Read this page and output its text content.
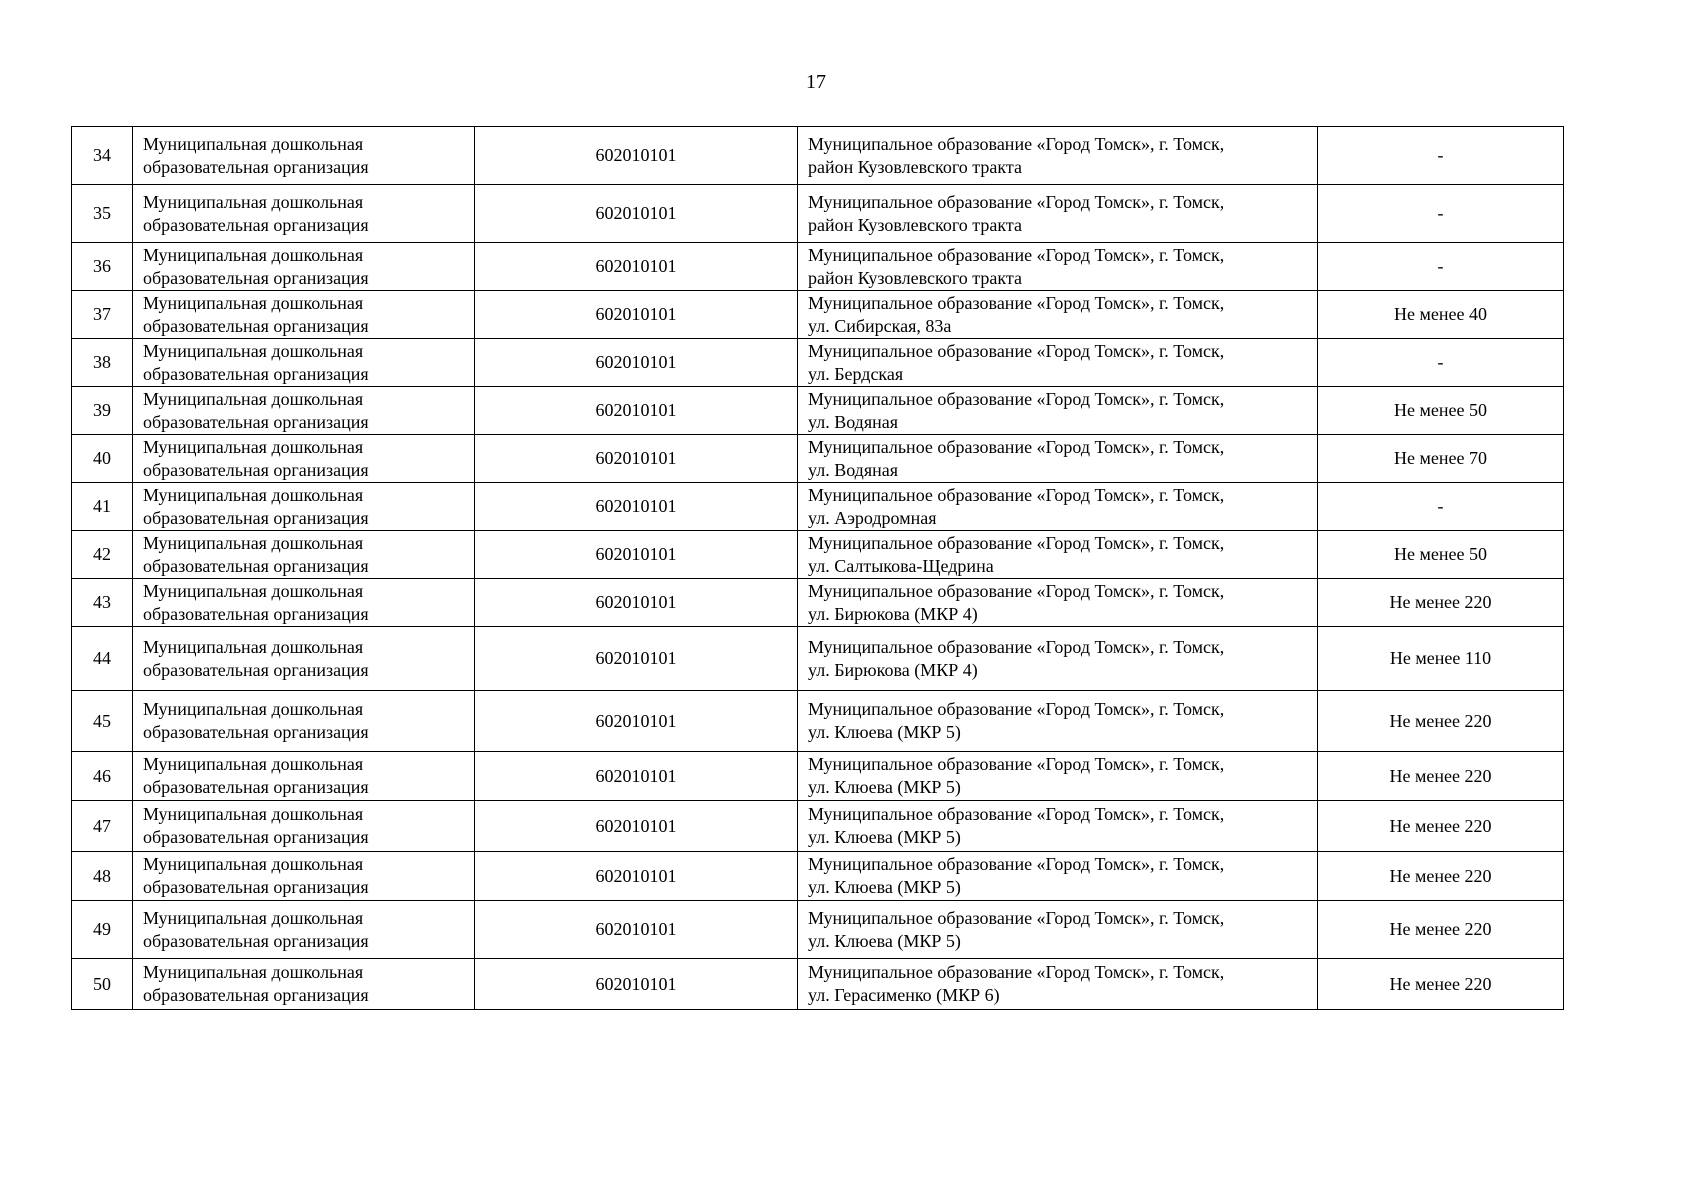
17
34	Муниципальная дошкольная
образовательная организация	602010101	Муниципальное образование «Город Томск», г. Томск,
район Кузовлевского тракта	-
35	Муниципальная дошкольная
образовательная организация	602010101	Муниципальное образование «Город Томск», г. Томск,
район Кузовлевского тракта	-
36	Муниципальная дошкольная
образовательная организация	602010101	Муниципальное образование «Город Томск», г. Томск,
район Кузовлевского тракта	-
37	Муниципальная дошкольная
образовательная организация	602010101	Муниципальное образование «Город Томск», г. Томск,
ул. Сибирская, 83а	Не менее 40
38	Муниципальная дошкольная
образовательная организация	602010101	Муниципальное образование «Город Томск», г. Томск,
ул. Бердская	-
39	Муниципальная дошкольная
образовательная организация	602010101	Муниципальное образование «Город Томск», г. Томск,
ул. Водяная	Не менее 50
40	Муниципальная дошкольная
образовательная организация	602010101	Муниципальное образование «Город Томск», г. Томск,
ул. Водяная	Не менее 70
41	Муниципальная дошкольная
образовательная организация	602010101	Муниципальное образование «Город Томск», г. Томск,
ул. Аэродромная	-
42	Муниципальная дошкольная
образовательная организация	602010101	Муниципальное образование «Город Томск», г. Томск,
ул. Салтыкова-Щедрина	Не менее 50
43	Муниципальная дошкольная
образовательная организация	602010101	Муниципальное образование «Город Томск», г. Томск,
ул. Бирюкова (МКР 4)	Не менее 220
44	Муниципальная дошкольная
образовательная организация	602010101	Муниципальное образование «Город Томск», г. Томск,
ул. Бирюкова (МКР 4)	Не менее 110
45	Муниципальная дошкольная
образовательная организация	602010101	Муниципальное образование «Город Томск», г. Томск,
ул. Клюева (МКР 5)	Не менее 220
46	Муниципальная дошкольная
образовательная организация	602010101	Муниципальное образование «Город Томск», г. Томск,
ул. Клюева (МКР 5)	Не менее 220
47	Муниципальная дошкольная
образовательная организация	602010101	Муниципальное образование «Город Томск», г. Томск,
ул. Клюева (МКР 5)	Не менее 220
48	Муниципальная дошкольная
образовательная организация	602010101	Муниципальное образование «Город Томск», г. Томск,
ул. Клюева (МКР 5)	Не менее 220
49	Муниципальная дошкольная
образовательная организация	602010101	Муниципальное образование «Город Томск», г. Томск,
ул. Клюева (МКР 5)	Не менее 220
50	Муниципальная дошкольная
образовательная организация	602010101	Муниципальное образование «Город Томск», г. Томск,
ул. Герасименко (МКР 6)	Не менее 220
